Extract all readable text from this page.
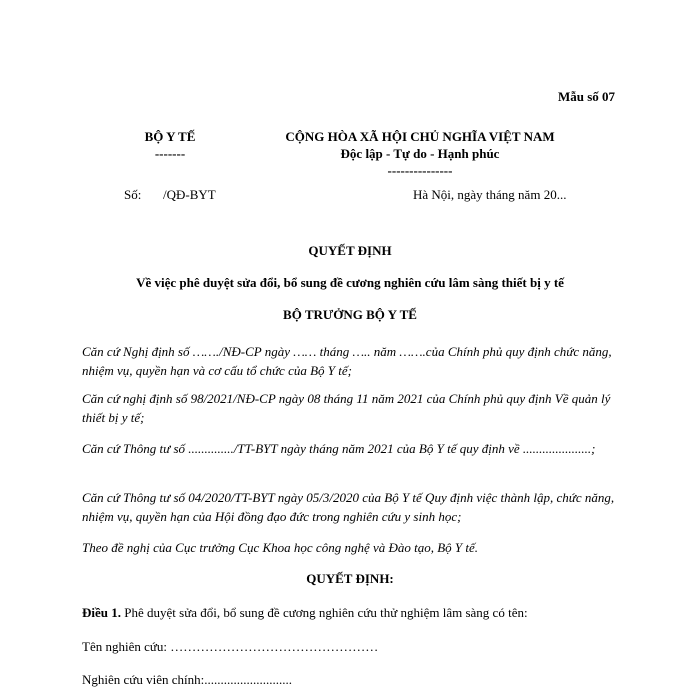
Mẫu số 07
BỘ Y TẾ
-------
CỘNG HÒA XÃ HỘI CHỦ NGHĨA VIỆT NAM
Độc lập - Tự do - Hạnh phúc
---------------
Số: /QĐ-BYT	Hà Nội, ngày tháng năm 20...
QUYẾT ĐỊNH
Về việc phê duyệt sửa đổi, bổ sung đề cương nghiên cứu lâm sàng thiết bị y tế
BỘ TRƯỞNG BỘ Y TẾ
Căn cứ Nghị định số ……./NĐ-CP ngày …… tháng ….. năm …….của Chính phủ quy định chức năng, nhiệm vụ, quyền hạn và cơ cấu tổ chức của Bộ Y tế;
Căn cứ nghị định số 98/2021/NĐ-CP ngày 08 tháng 11 năm 2021 của Chính phủ quy định Về quản lý thiết bị y tế;
Căn cứ Thông tư số ............../TT-BYT ngày tháng năm 2021 của Bộ Y tế quy định về .....................;
Căn cứ Thông tư số 04/2020/TT-BYT ngày 05/3/2020 của Bộ Y tế Quy định việc thành lập, chức năng, nhiệm vụ, quyền hạn của Hội đồng đạo đức trong nghiên cứu y sinh học;
Theo đề nghị của Cục trưởng Cục Khoa học công nghệ và Đào tạo, Bộ Y tế.
QUYẾT ĐỊNH:
Điều 1. Phê duyệt sửa đổi, bổ sung đề cương nghiên cứu thử nghiệm lâm sàng có tên:
Tên nghiên cứu: …………………………………………
Nghiên cứu viên chính:...........................
